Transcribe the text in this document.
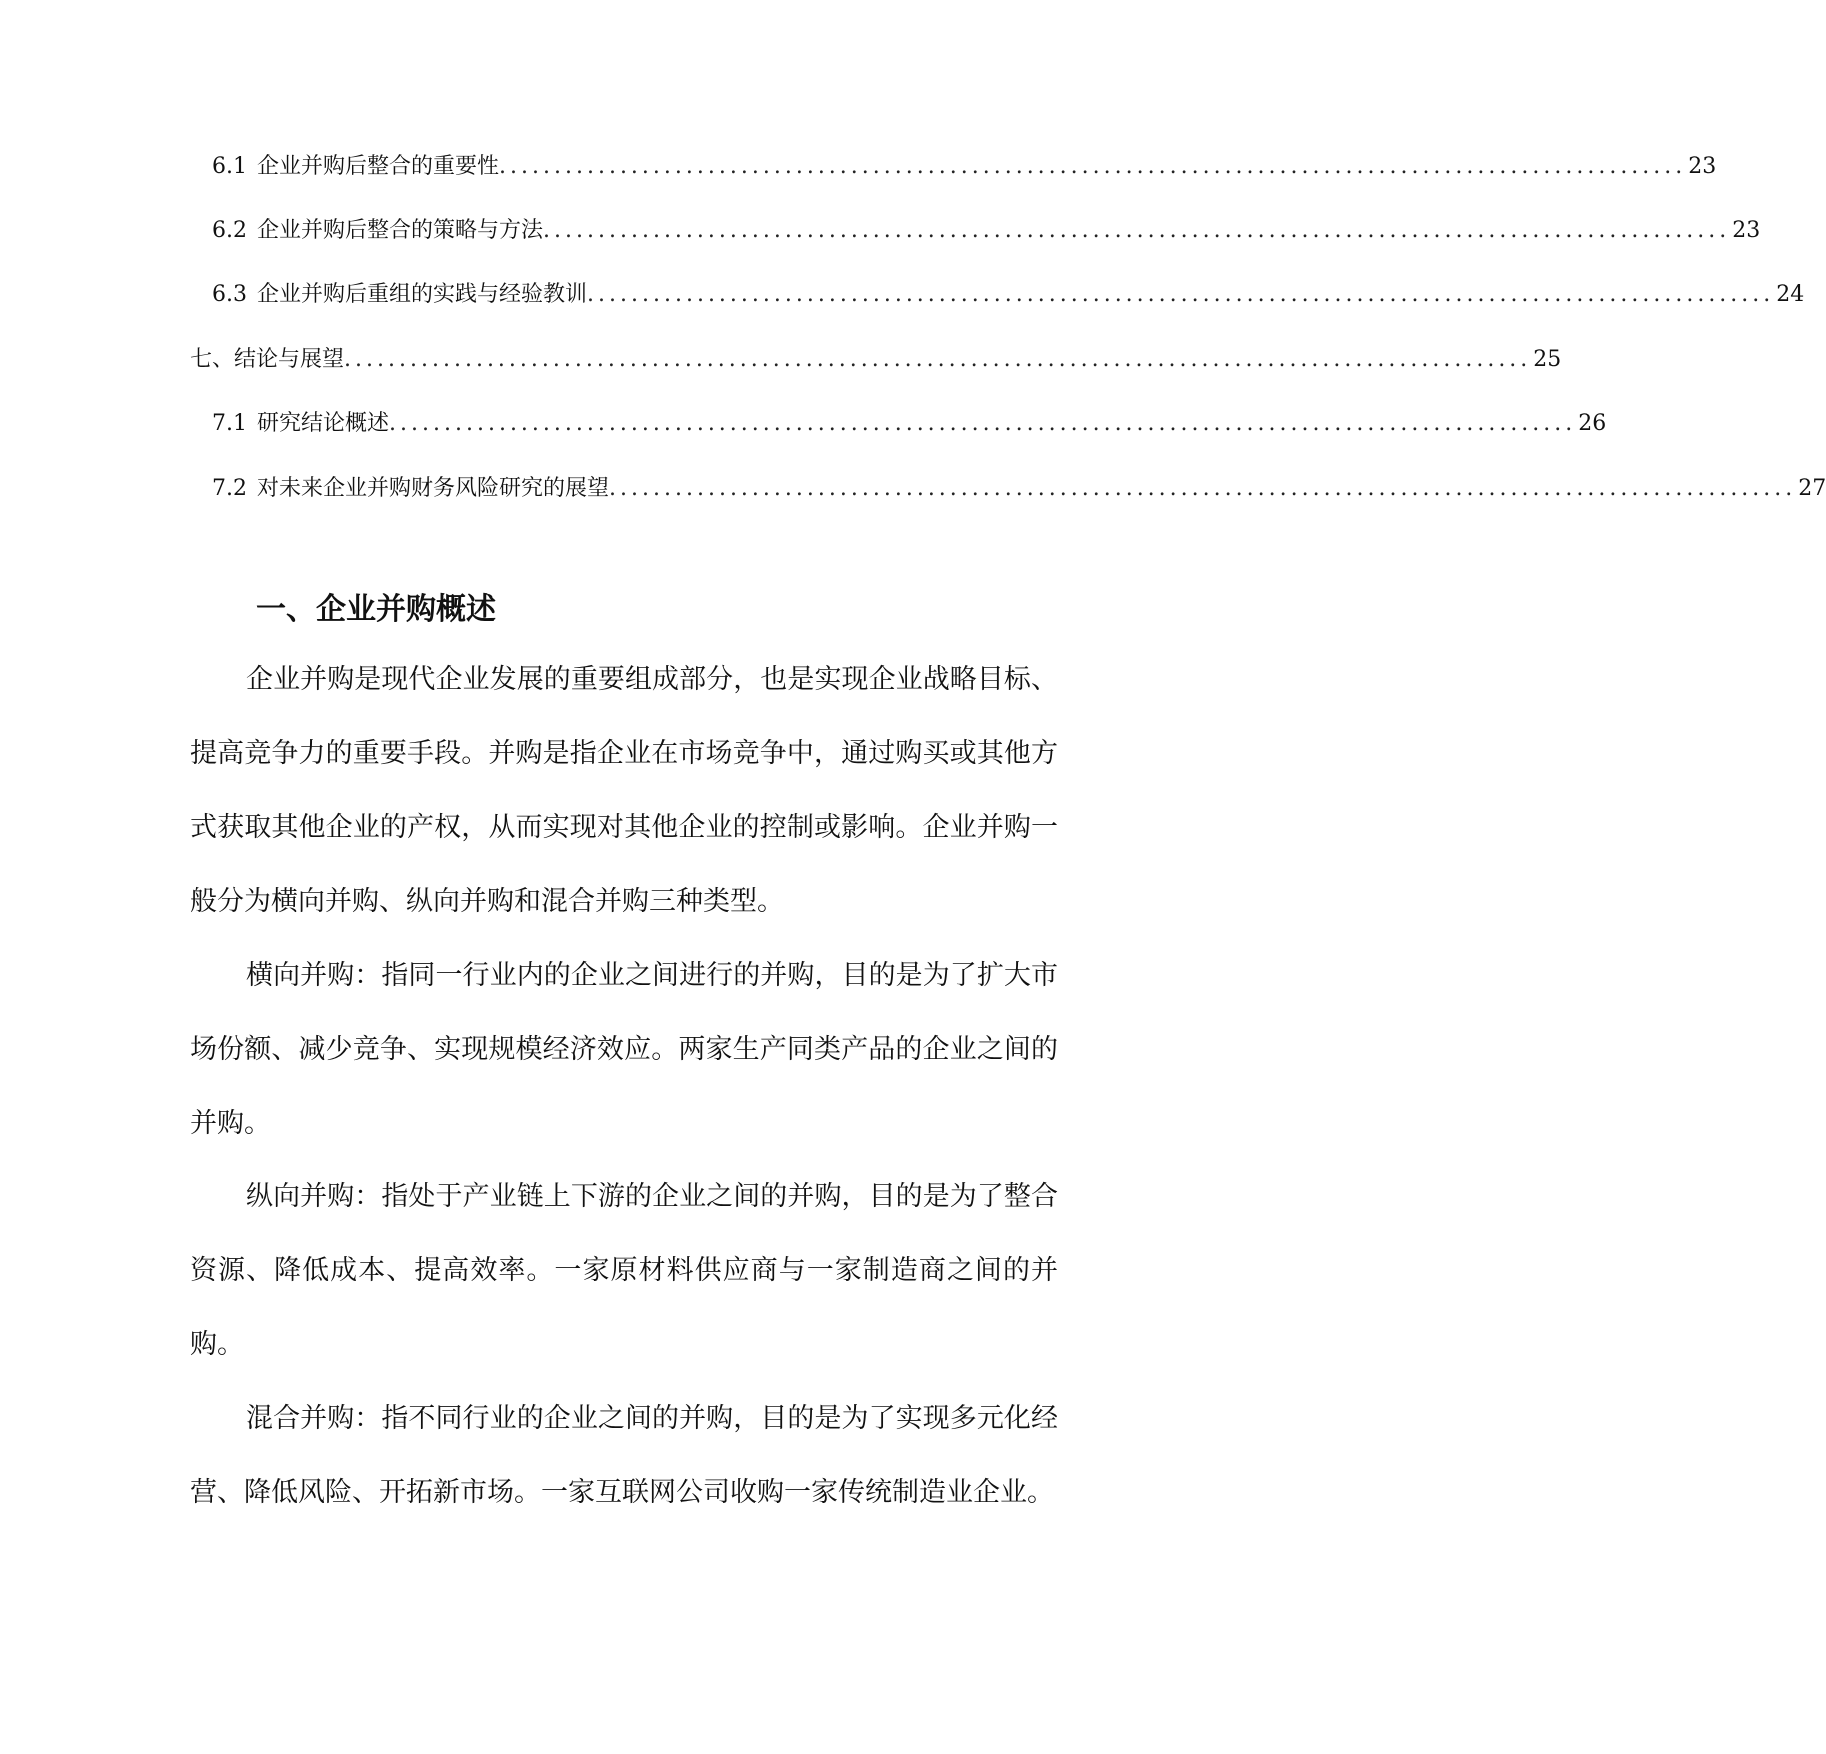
6.1 企业并购后整合的重要性 ............................................................................................................ 23
6.2 企业并购后整合的策略与方法 ............................................................................................................ 23
6.3 企业并购后重组的实践与经验教训 ............................................................................................................ 24
七、 结论与展望 ............................................................................................................ 25
7.1 研究结论概述 ............................................................................................................ 26
7.2 对未来企业并购财务风险研究的展望 ............................................................................................................ 27
一、企业并购概述

企业并购是现代企业发展的重要组成部分，也是实现企业战略目标、提高竞争力的重要手段。并购是指企业在市场竞争中，通过购买或其他方式获取其他企业的产权，从而实现对其他企业的控制或影响。企业并购一般分为横向并购、纵向并购和混合并购三种类型。

横向并购：指同一行业内的企业之间进行的并购，目的是为了扩大市场份额、减少竞争、实现规模经济效应。两家生产同类产品的企业之间的并购。

纵向并购：指处于产业链上下游的企业之间的并购，目的是为了整合资源、降低成本、提高效率。一家原材料供应商与一家制造商之间的并购。

混合并购：指不同行业的企业之间的并购，目的是为了实现多元化经营、降低风险、开拓新市场。一家互联网公司收购一家传统制造业企业。
